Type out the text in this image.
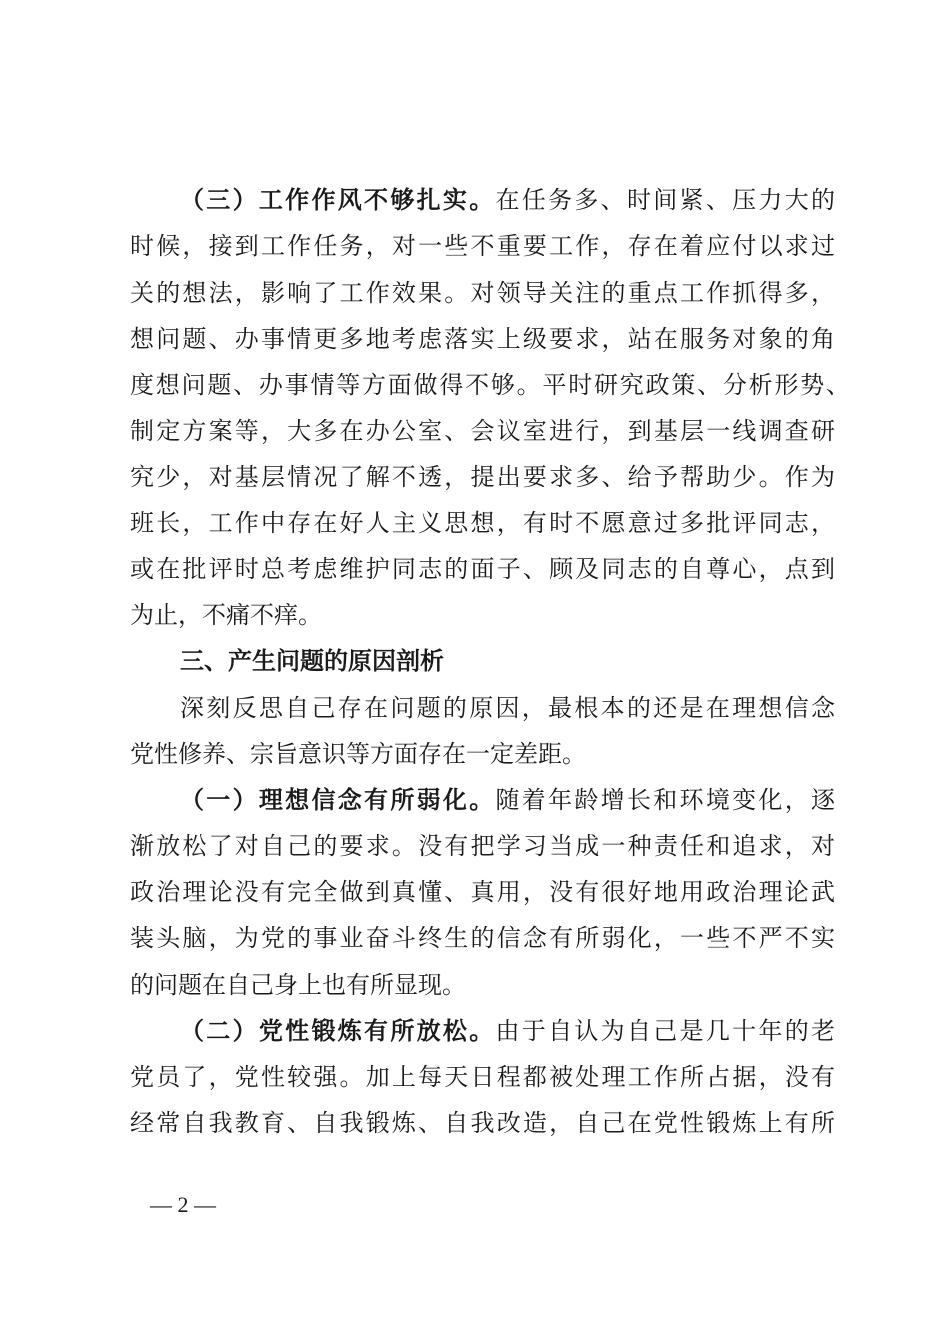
（三）工作作风不够扎实。在任务多、时间紧、压力大的
时候，接到工作任务，对一些不重要工作，存在着应付以求过
关的想法，影响了工作效果。对领导关注的重点工作抓得多，
想问题、办事情更多地考虑落实上级要求，站在服务对象的角
度想问题、办事情等方面做得不够。平时研究政策、分析形势、
制定方案等，大多在办公室、会议室进行，到基层一线调查研
究少，对基层情况了解不透，提出要求多、给予帮助少。作为
班长，工作中存在好人主义思想，有时不愿意过多批评同志，
或在批评时总考虑维护同志的面子、顾及同志的自尊心，点到
为止，不痛不痒。
三、产生问题的原因剖析
深刻反思自己存在问题的原因，最根本的还是在理想信念
党性修养、宗旨意识等方面存在一定差距。
（一）理想信念有所弱化。随着年龄增长和环境变化，逐
渐放松了对自己的要求。没有把学习当成一种责任和追求，对
政治理论没有完全做到真懂、真用，没有很好地用政治理论武
装头脑，为党的事业奋斗终生的信念有所弱化，一些不严不实
的问题在自己身上也有所显现。
（二）党性锻炼有所放松。由于自认为自己是几十年的老
党员了，党性较强。加上每天日程都被处理工作所占据，没有
经常自我教育、自我锻炼、自我改造，自己在党性锻炼上有所
— 2 —
